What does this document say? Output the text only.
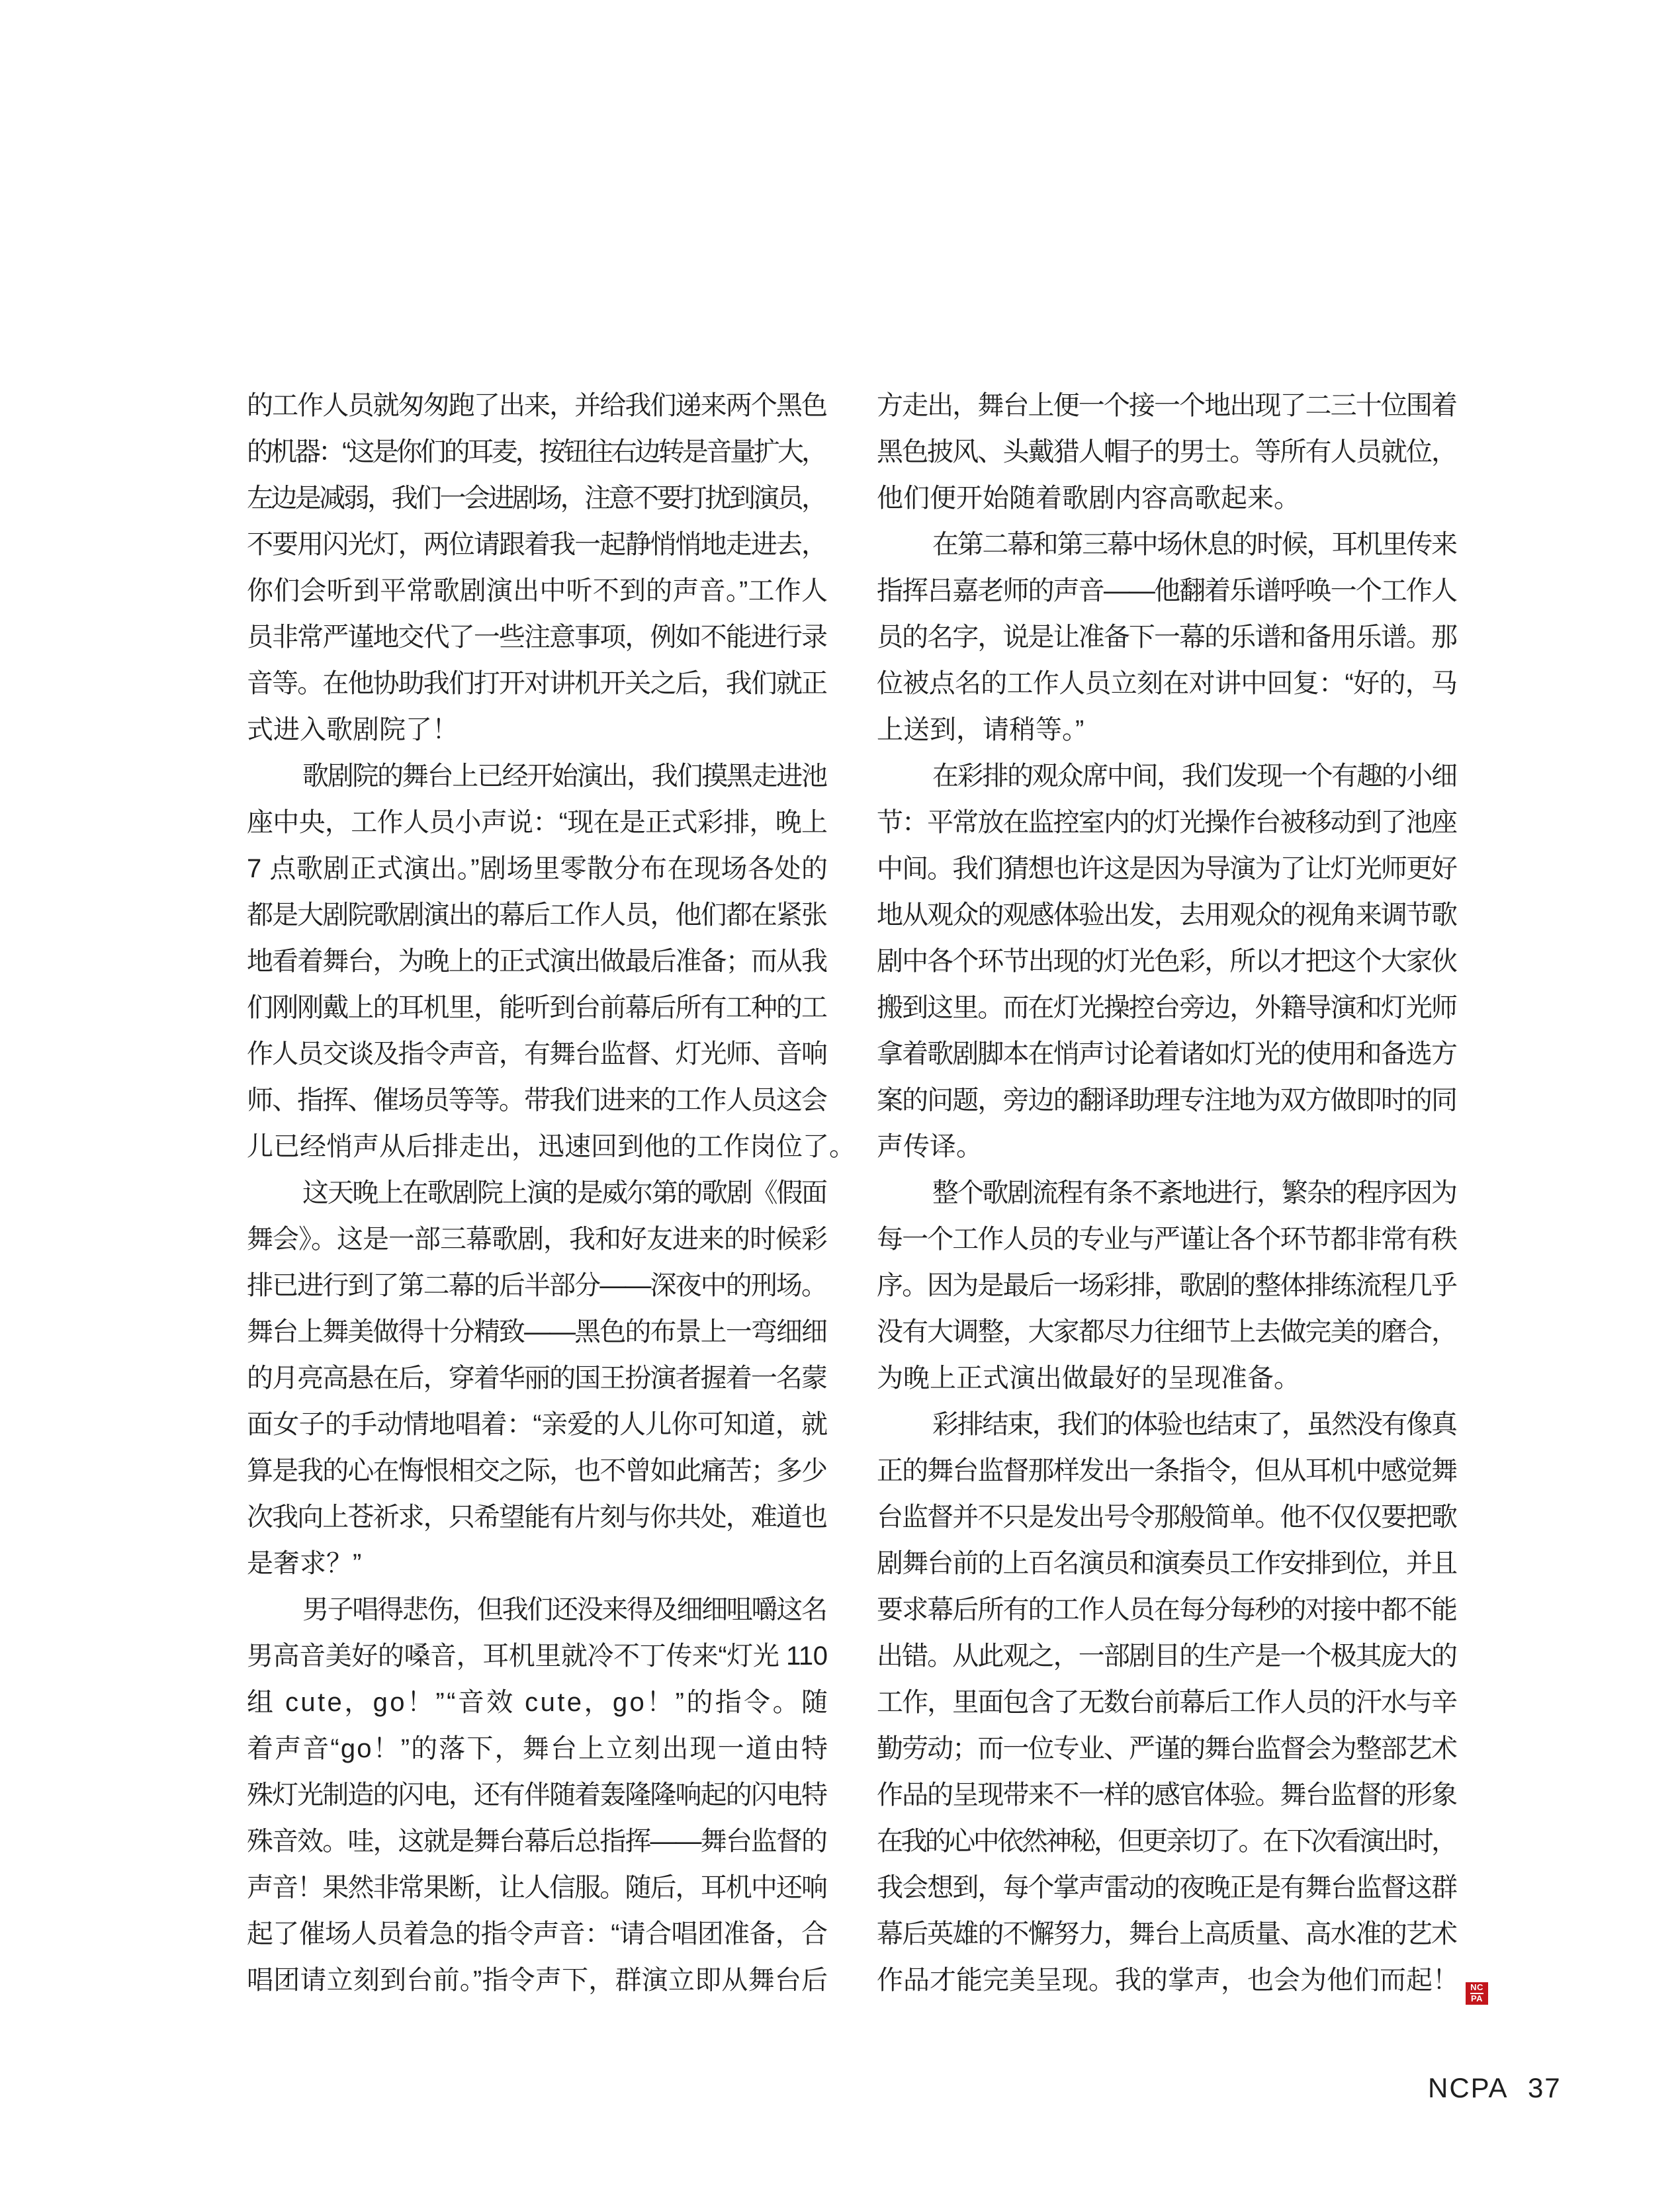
的工作人员就匆匆跑了出来，并给我们递来两个黑色
的机器：“这是你们的耳麦，按钮往右边转是音量扩大，
左边是减弱，我们一会进剧场，注意不要打扰到演员，
不要用闪光灯，两位请跟着我一起静悄悄地走进去，
你们会听到平常歌剧演出中听不到的声音。”工作人
员非常严谨地交代了一些注意事项，例如不能进行录
音等。在他协助我们打开对讲机开关之后，我们就正
式进入歌剧院了！
歌剧院的舞台上已经开始演出，我们摸黑走进池
座中央，工作人员小声说：“现在是正式彩排，晚上
7 点歌剧正式演出。”剧场里零散分布在现场各处的
都是大剧院歌剧演出的幕后工作人员，他们都在紧张
地看着舞台，为晚上的正式演出做最后准备；而从我
们刚刚戴上的耳机里，能听到台前幕后所有工种的工
作人员交谈及指令声音，有舞台监督、灯光师、音响
师、指挥、催场员等等。带我们进来的工作人员这会
儿已经悄声从后排走出，迅速回到他的工作岗位了。
这天晚上在歌剧院上演的是威尔第的歌剧《假面
舞会》。这是一部三幕歌剧，我和好友进来的时候彩
排已进行到了第二幕的后半部分——深夜中的刑场。
舞台上舞美做得十分精致——黑色的布景上一弯细细
的月亮高悬在后，穿着华丽的国王扮演者握着一名蒙
面女子的手动情地唱着：“亲爱的人儿你可知道，就
算是我的心在悔恨相交之际，也不曾如此痛苦；多少
次我向上苍祈求，只希望能有片刻与你共处，难道也
是奢求？”
男子唱得悲伤，但我们还没来得及细细咀嚼这名
男高音美好的嗓音，耳机里就冷不丁传来“灯光 110
组 cute，go！”“音效 cute，go！”的指令。随
着声音“go！”的落下，舞台上立刻出现一道由特
殊灯光制造的闪电，还有伴随着轰隆隆响起的闪电特
殊音效。哇，这就是舞台幕后总指挥——舞台监督的
声音！果然非常果断，让人信服。随后，耳机中还响
起了催场人员着急的指令声音：“请合唱团准备，合
唱团请立刻到台前。”指令声下，群演立即从舞台后
方走出，舞台上便一个接一个地出现了二三十位围着
黑色披风、头戴猎人帽子的男士。等所有人员就位，
他们便开始随着歌剧内容高歌起来。
在第二幕和第三幕中场休息的时候，耳机里传来
指挥吕嘉老师的声音——他翻着乐谱呼唤一个工作人
员的名字，说是让准备下一幕的乐谱和备用乐谱。那
位被点名的工作人员立刻在对讲中回复：“好的，马
上送到，请稍等。”
在彩排的观众席中间，我们发现一个有趣的小细
节：平常放在监控室内的灯光操作台被移动到了池座
中间。我们猜想也许这是因为导演为了让灯光师更好
地从观众的观感体验出发，去用观众的视角来调节歌
剧中各个环节出现的灯光色彩，所以才把这个大家伙
搬到这里。而在灯光操控台旁边，外籍导演和灯光师
拿着歌剧脚本在悄声讨论着诸如灯光的使用和备选方
案的问题，旁边的翻译助理专注地为双方做即时的同
声传译。
整个歌剧流程有条不紊地进行，繁杂的程序因为
每一个工作人员的专业与严谨让各个环节都非常有秩
序。因为是最后一场彩排，歌剧的整体排练流程几乎
没有大调整，大家都尽力往细节上去做完美的磨合，
为晚上正式演出做最好的呈现准备。
彩排结束，我们的体验也结束了，虽然没有像真
正的舞台监督那样发出一条指令，但从耳机中感觉舞
台监督并不只是发出号令那般简单。他不仅仅要把歌
剧舞台前的上百名演员和演奏员工作安排到位，并且
要求幕后所有的工作人员在每分每秒的对接中都不能
出错。从此观之，一部剧目的生产是一个极其庞大的
工作，里面包含了无数台前幕后工作人员的汗水与辛
勤劳动；而一位专业、严谨的舞台监督会为整部艺术
作品的呈现带来不一样的感官体验。舞台监督的形象
在我的心中依然神秘，但更亲切了。在下次看演出时，
我会想到，每个掌声雷动的夜晚正是有舞台监督这群
幕后英雄的不懈努力，舞台上高质量、高水准的艺术
作品才能完美呈现。我的掌声，也会为他们而起！ $\frac{NC}{PA}$
NCPA 37
